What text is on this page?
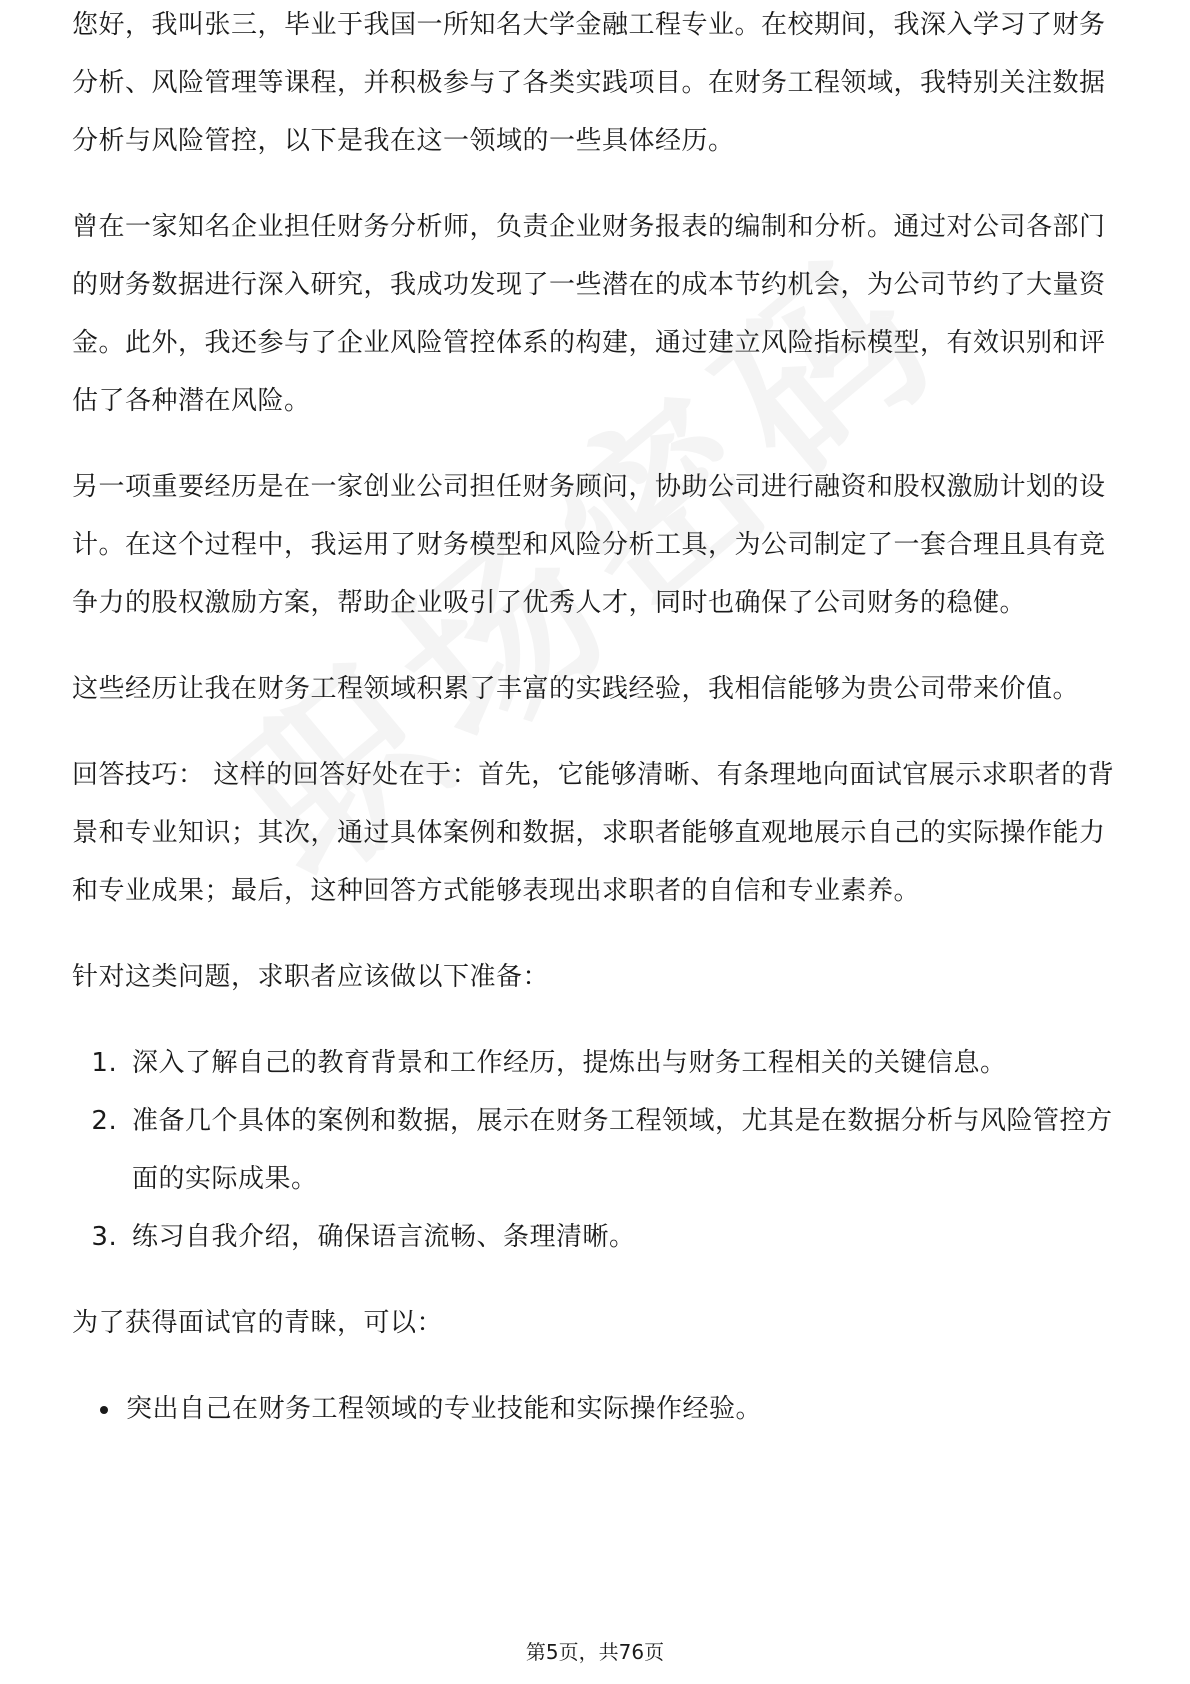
您好，我叫张三，毕业于我国一所知名大学金融工程专业。在校期间，我深入学习了财务分析、风险管理等课程，并积极参与了各类实践项目。在财务工程领域，我特别关注数据分析与风险管控，以下是我在这一领域的一些具体经历。

曾在一家知名企业担任财务分析师，负责企业财务报表的编制和分析。通过对公司各部门的财务数据进行深入研究，我成功发现了一些潜在的成本节约机会，为公司节约了大量资金。此外，我还参与了企业风险管控体系的构建，通过建立风险指标模型，有效识别和评估了各种潜在风险。

另一项重要经历是在一家创业公司担任财务顾问，协助公司进行融资和股权激励计划的设计。在这个过程中，我运用了财务模型和风险分析工具，为公司制定了一套合理且具有竞争力的股权激励方案，帮助企业吸引了优秀人才，同时也确保了公司财务的稳健。

这些经历让我在财务工程领域积累了丰富的实践经验，我相信能够为贵公司带来价值。

回答技巧： 这样的回答好处在于：首先，它能够清晰、有条理地向面试官展示求职者的背景和专业知识；其次，通过具体案例和数据，求职者能够直观地展示自己的实际操作能力和专业成果；最后，这种回答方式能够表现出求职者的自信和专业素养。

针对这类问题，求职者应该做以下准备：

1. 深入了解自己的教育背景和工作经历，提炼出与财务工程相关的关键信息。
2. 准备几个具体的案例和数据，展示在财务工程领域，尤其是在数据分析与风险管控方面的实际成果。
3. 练习自我介绍，确保语言流畅、条理清晰。

为了获得面试官的青睐，可以：

突出自己在财务工程领域的专业技能和实际操作经验。
第5页，共76页
